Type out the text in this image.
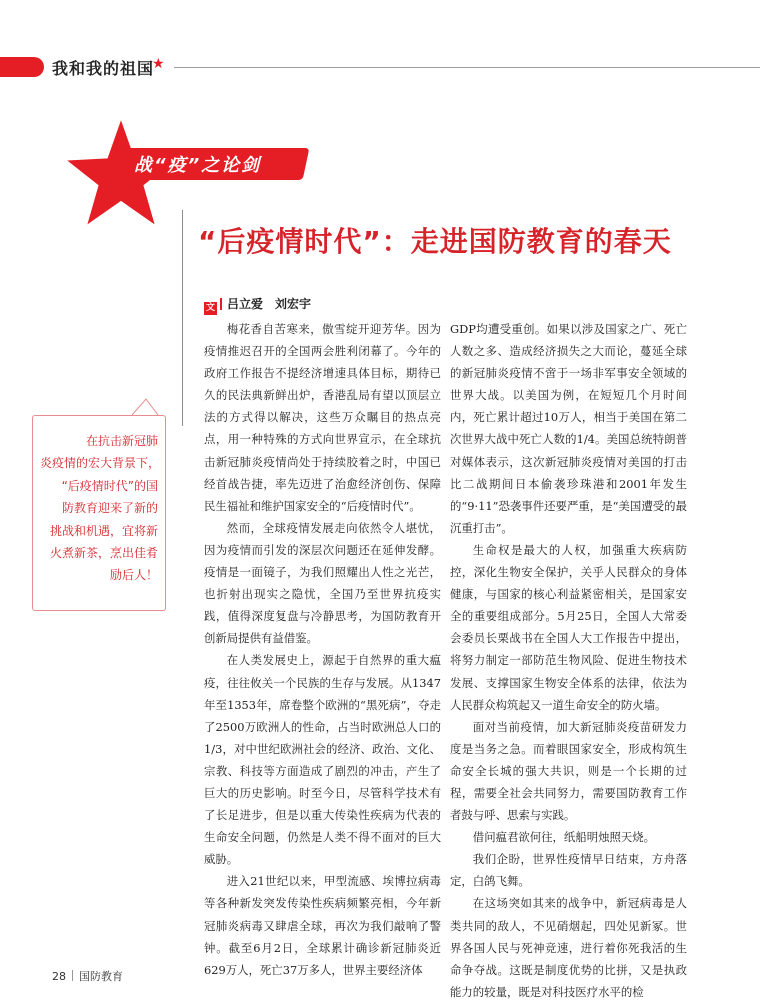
我和我的祖国
★
战“疫”之论剑
“后疫情时代”：走进国防教育的春天
文 吕立爱　刘宏宇
在抗击新冠肺
炎疫情的宏大背景下，
“后疫情时代”的国
防教育迎来了新的
挑战和机遇，宜将新
火煮新茶，烹出佳肴
励后人！

梅花香自苦寒来，傲雪绽开迎芳华。因为疫情推迟召开的全国两会胜利闭幕了。今年的政府工作报告不提经济增速具体目标，期待已久的民法典新鲜出炉，香港乱局有望以顶层立法的方式得以解决，这些万众瞩目的热点亮点，用一种特殊的方式向世界宣示，在全球抗击新冠肺炎疫情尚处于持续胶着之时，中国已经首战告捷，率先迈进了治愈经济创伤、保障民生福祉和维护国家安全的“后疫情时代”。

然而，全球疫情发展走向依然令人堪忧，因为疫情而引发的深层次问题还在延伸发酵。疫情是一面镜子，为我们照耀出人性之光芒，也折射出现实之隐忧，全国乃至世界抗疫实践，值得深度复盘与冷静思考，为国防教育开创新局提供有益借鉴。

在人类发展史上，源起于自然界的重大瘟疫，往往攸关一个民族的生存与发展。从1347年至1353年，席卷整个欧洲的“黑死病”，夺走了2500万欧洲人的性命，占当时欧洲总人口的1/3，对中世纪欧洲社会的经济、政治、文化、宗教、科技等方面造成了剧烈的冲击，产生了巨大的历史影响。时至今日，尽管科学技术有了长足进步，但是以重大传染性疾病为代表的生命安全问题，仍然是人类不得不面对的巨大威胁。

进入21世纪以来，甲型流感、埃博拉病毒等各种新发突发传染性疾病频繁亮相，今年新冠肺炎病毒又肆虐全球，再次为我们敲响了警钟。截至6月2日，全球累计确诊新冠肺炎近629万人，死亡37万多人，世界主要经济体

GDP均遭受重创。如果以涉及国家之广、死亡人数之多、造成经济损失之大而论，蔓延全球的新冠肺炎疫情不啻于一场非军事安全领域的世界大战。以美国为例，在短短几个月时间内，死亡累计超过10万人，相当于美国在第二次世界大战中死亡人数的1/4。美国总统特朗普对媒体表示，这次新冠肺炎疫情对美国的打击比二战期间日本偷袭珍珠港和2001年发生的“9·11”恐袭事件还要严重，是“美国遭受的最沉重打击”。

生命权是最大的人权，加强重大疾病防控，深化生物安全保护，关乎人民群众的身体健康，与国家的核心利益紧密相关，是国家安全的重要组成部分。5月25日，全国人大常委会委员长栗战书在全国人大工作报告中提出，将努力制定一部防范生物风险、促进生物技术发展、支撑国家生物安全体系的法律，依法为人民群众构筑起又一道生命安全的防火墙。

面对当前疫情，加大新冠肺炎疫苗研发力度是当务之急。而着眼国家安全，形成构筑生命安全长城的强大共识，则是一个长期的过程，需要全社会共同努力，需要国防教育工作者鼓与呼、思索与实践。

借问瘟君欲何往，纸船明烛照天烧。

我们企盼，世界性疫情早日结束，方舟落定，白鸽飞舞。

在这场突如其来的战争中，新冠病毒是人类共同的敌人，不见硝烟起，四处见新冢。世界各国人民与死神竞速，进行着你死我活的生命争夺战。这既是制度优势的比拼，又是执政能力的较量，既是对科技医疗水平的检

28 国防教育
